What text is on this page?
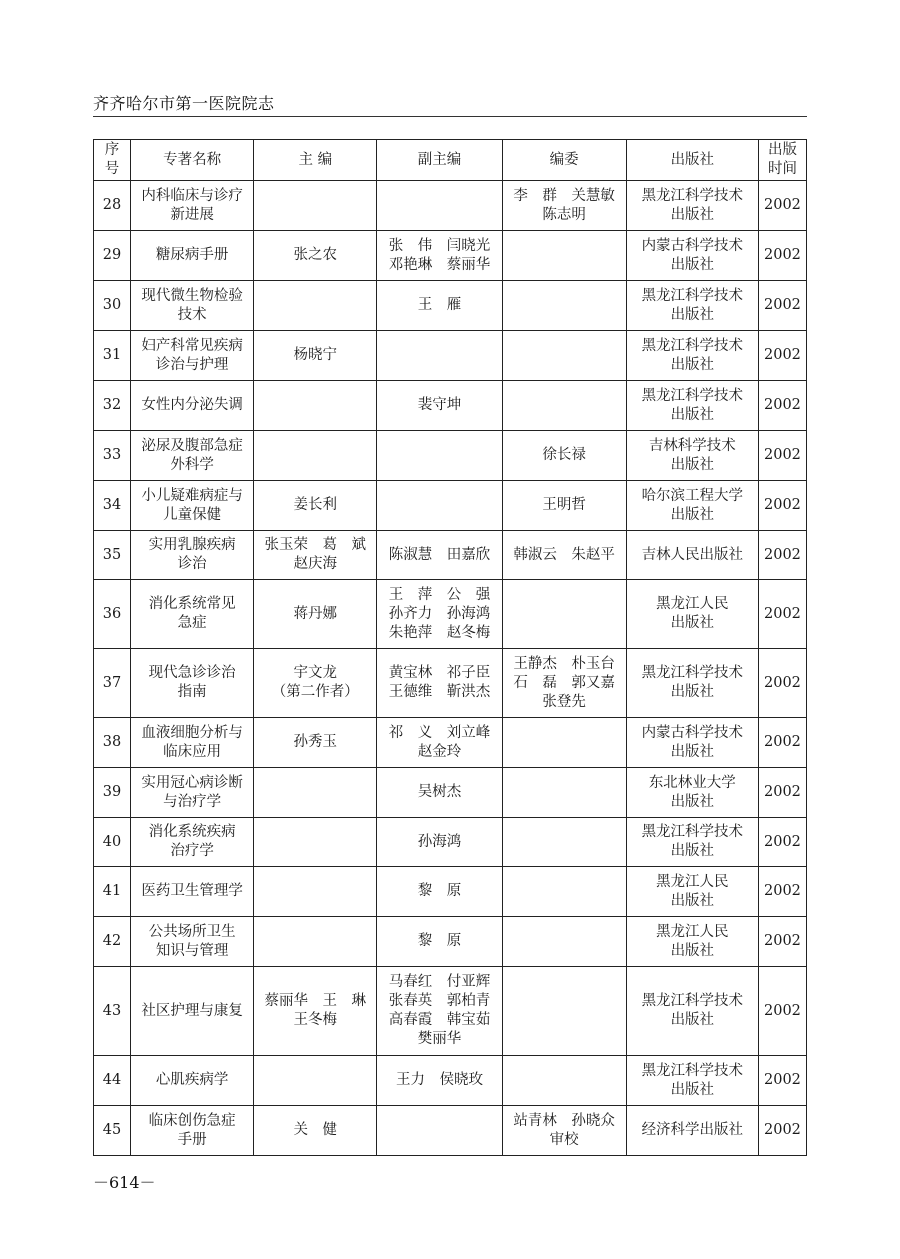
齐齐哈尔市第一医院院志
序
号	专著名称	主 编	副主编	编委	出版社	出版
时间

28	内科临床与诊疗
新进展			李　群　关慧敏
陈志明	黑龙江科学技术
出版社	2002
29	糖尿病手册	张之农	张　伟　闫晓光
邓艳琳　蔡丽华		内蒙古科学技术
出版社	2002
30	现代微生物检验
技术		王　雁		黑龙江科学技术
出版社	2002
31	妇产科常见疾病
诊治与护理	杨晓宁			黑龙江科学技术
出版社	2002
32	女性内分泌失调		裴守坤		黑龙江科学技术
出版社	2002
33	泌尿及腹部急症
外科学			徐长禄	吉林科学技术
出版社	2002
34	小儿疑难病症与
儿童保健	姜长利		王明哲	哈尔滨工程大学
出版社	2002
35	实用乳腺疾病
诊治	张玉荣　葛　斌
赵庆海	陈淑慧　田嘉欣	韩淑云　朱赵平	吉林人民出版社	2002
36	消化系统常见
急症	蒋丹娜	王　萍　公　强
孙齐力　孙海鸿
朱艳萍　赵冬梅		黑龙江人民
出版社	2002
37	现代急诊诊治
指南	宇文龙
（第二作者）	黄宝林　祁子臣
王德维　靳洪杰	王静杰　朴玉台
石　磊　郭又嘉
张登先	黑龙江科学技术
出版社	2002
38	血液细胞分析与
临床应用	孙秀玉	祁　义　刘立峰
赵金玲		内蒙古科学技术
出版社	2002
39	实用冠心病诊断
与治疗学		吴树杰		东北林业大学
出版社	2002
40	消化系统疾病
治疗学		孙海鸿		黑龙江科学技术
出版社	2002
41	医药卫生管理学		黎　原		黑龙江人民
出版社	2002
42	公共场所卫生
知识与管理		黎　原		黑龙江人民
出版社	2002
43	社区护理与康复	蔡丽华　王　琳
王冬梅	马春红　付亚辉
张春英　郭柏青
高春霞　韩宝茹
樊丽华		黑龙江科学技术
出版社	2002
44	心肌疾病学		王力　侯晓玫		黑龙江科学技术
出版社	2002
45	临床创伤急症
手册	关　健		站青林　孙晓众
审校	经济科学出版社	2002
－614－
